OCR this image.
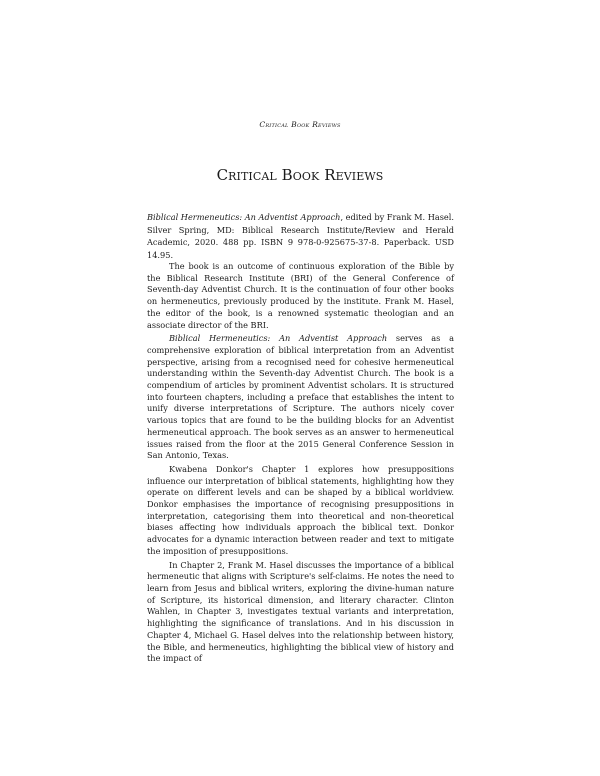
Critical Book Reviews
Critical Book Reviews
Biblical Hermeneutics: An Adventist Approach, edited by Frank M. Hasel. Silver Spring, MD: Biblical Research Institute/Review and Herald Academic, 2020. 488 pp. ISBN 9 978-0-925675-37-8. Paperback. USD 14.95.

The book is an outcome of continuous exploration of the Bible by the Biblical Research Institute (BRI) of the General Conference of Seventh-day Adventist Church. It is the continuation of four other books on hermeneutics, previously produced by the institute. Frank M. Hasel, the editor of the book, is a renowned systematic theologian and an associate director of the BRI.

Biblical Hermeneutics: An Adventist Approach serves as a comprehensive exploration of biblical interpretation from an Adventist perspective, arising from a recognised need for cohesive hermeneutical understanding within the Seventh-day Adventist Church. The book is a compendium of articles by prominent Adventist scholars. It is structured into fourteen chapters, including a preface that establishes the intent to unify diverse interpretations of Scripture. The authors nicely cover various topics that are found to be the building blocks for an Adventist hermeneutical approach. The book serves as an answer to hermeneutical issues raised from the floor at the 2015 General Conference Session in San Antonio, Texas.

Kwabena Donkor's Chapter 1 explores how presuppositions influence our interpretation of biblical statements, highlighting how they operate on different levels and can be shaped by a biblical worldview. Donkor emphasises the importance of recognising presuppositions in interpretation, categorising them into theoretical and non-theoretical biases affecting how individuals approach the biblical text. Donkor advocates for a dynamic interaction between reader and text to mitigate the imposition of presuppositions.

In Chapter 2, Frank M. Hasel discusses the importance of a biblical hermeneutic that aligns with Scripture's self-claims. He notes the need to learn from Jesus and biblical writers, exploring the divine-human nature of Scripture, its historical dimension, and literary character. Clinton Wahlen, in Chapter 3, investigates textual variants and interpretation, highlighting the significance of translations. And in his discussion in Chapter 4, Michael G. Hasel delves into the relationship between history, the Bible, and hermeneutics, highlighting the biblical view of history and the impact of
